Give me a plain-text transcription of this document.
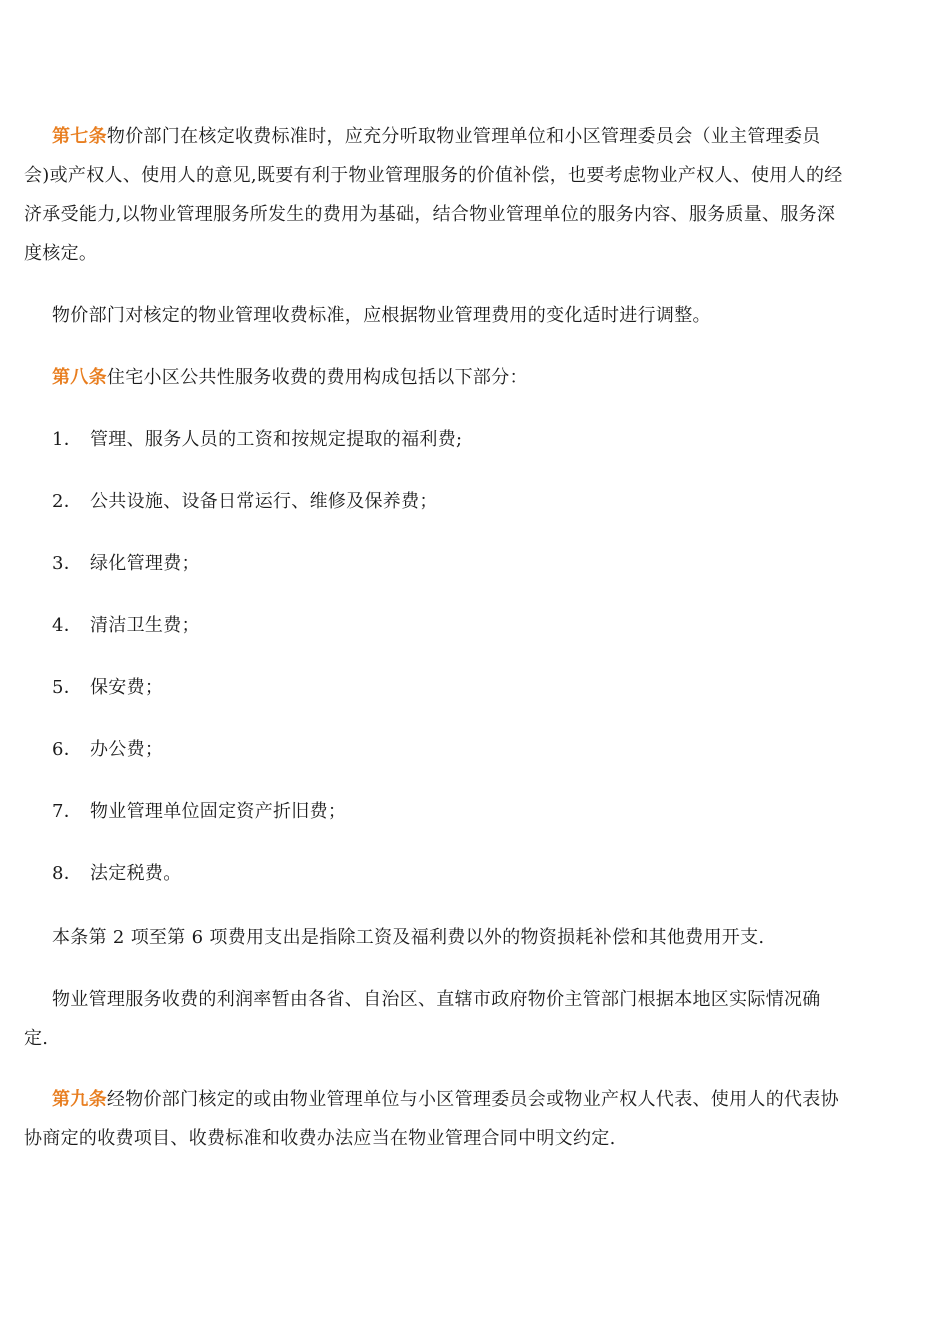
第七条物价部门在核定收费标准时，应充分听取物业管理单位和小区管理委员会（业主管理委员会)或产权人、使用人的意见,既要有利于物业管理服务的价值补偿，也要考虑物业产权人、使用人的经济承受能力,以物业管理服务所发生的费用为基础，结合物业管理单位的服务内容、服务质量、服务深度核定。

物价部门对核定的物业管理收费标准，应根据物业管理费用的变化适时进行调整。

第八条住宅小区公共性服务收费的费用构成包括以下部分：

1． 管理、服务人员的工资和按规定提取的福利费;

2． 公共设施、设备日常运行、维修及保养费；

3． 绿化管理费；

4． 清洁卫生费；

5． 保安费；

6． 办公费；

7． 物业管理单位固定资产折旧费；

8． 法定税费。

本条第 2 项至第 6 项费用支出是指除工资及福利费以外的物资损耗补偿和其他费用开支.

物业管理服务收费的利润率暂由各省、自治区、直辖市政府物价主管部门根据本地区实际情况确定.

第九条经物价部门核定的或由物业管理单位与小区管理委员会或物业产权人代表、使用人的代表协协商定的收费项目、收费标准和收费办法应当在物业管理合同中明文约定.
